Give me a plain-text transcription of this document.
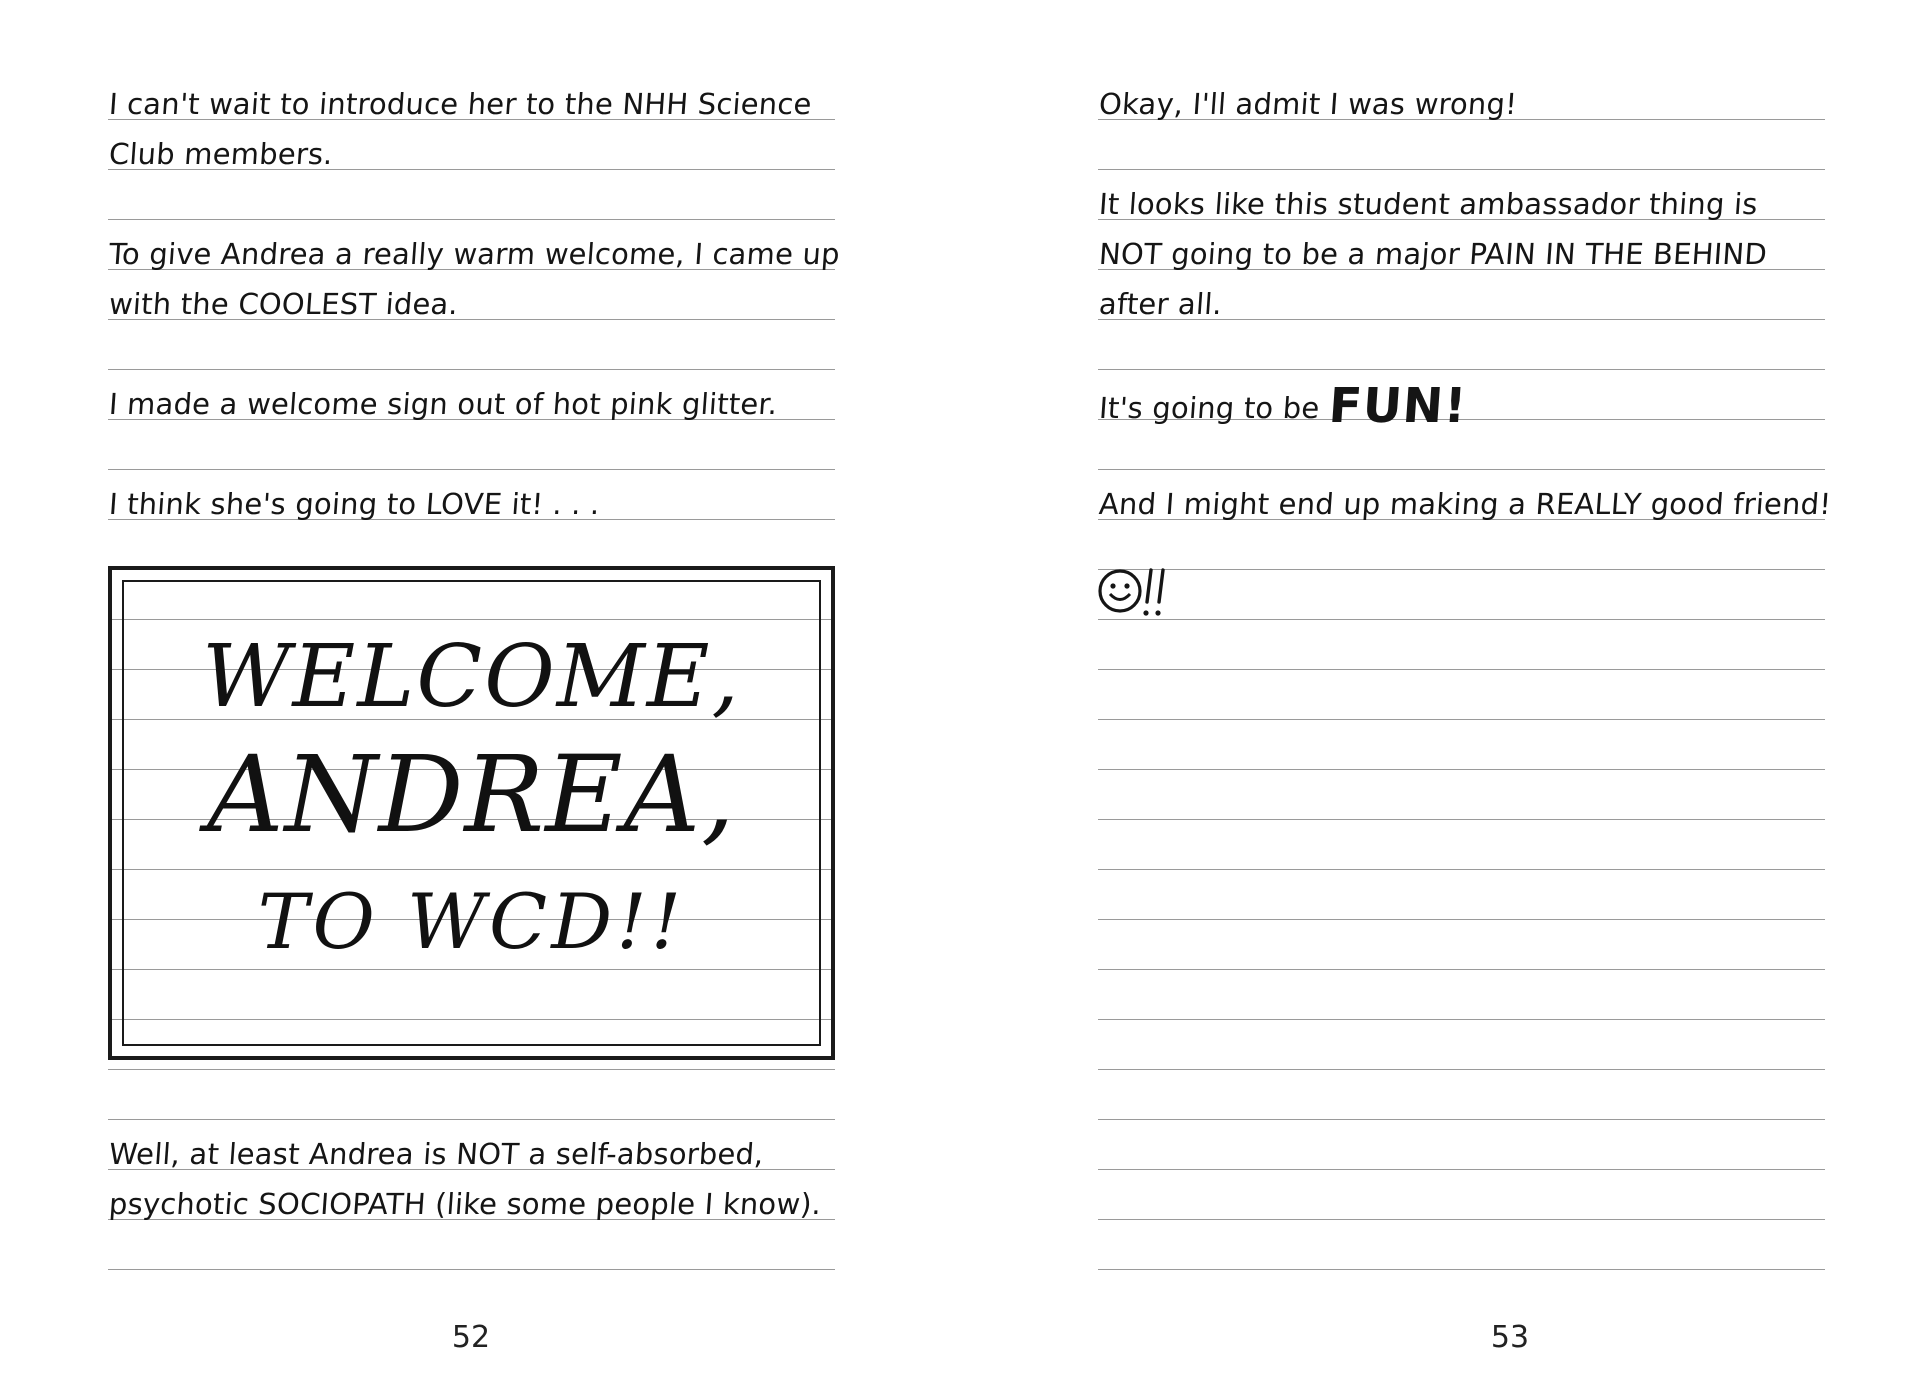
I can't wait to introduce her to the NHH Science
Club members.
To give Andrea a really warm welcome, I came up
with the COOLEST idea.
I made a welcome sign out of hot pink glitter.
I think she's going to LOVE it! . . .
WELCOME,
ANDREA,
TO WCD!!
Well, at least Andrea is NOT a self-absorbed,
psychotic SOCIOPATH (like some people I know).
52
Okay, I'll admit I was wrong!
It looks like this student ambassador thing is
NOT going to be a major PAIN IN THE BEHIND
after all.
It's going to be FUN!
And I might end up making a REALLY good friend!
53
